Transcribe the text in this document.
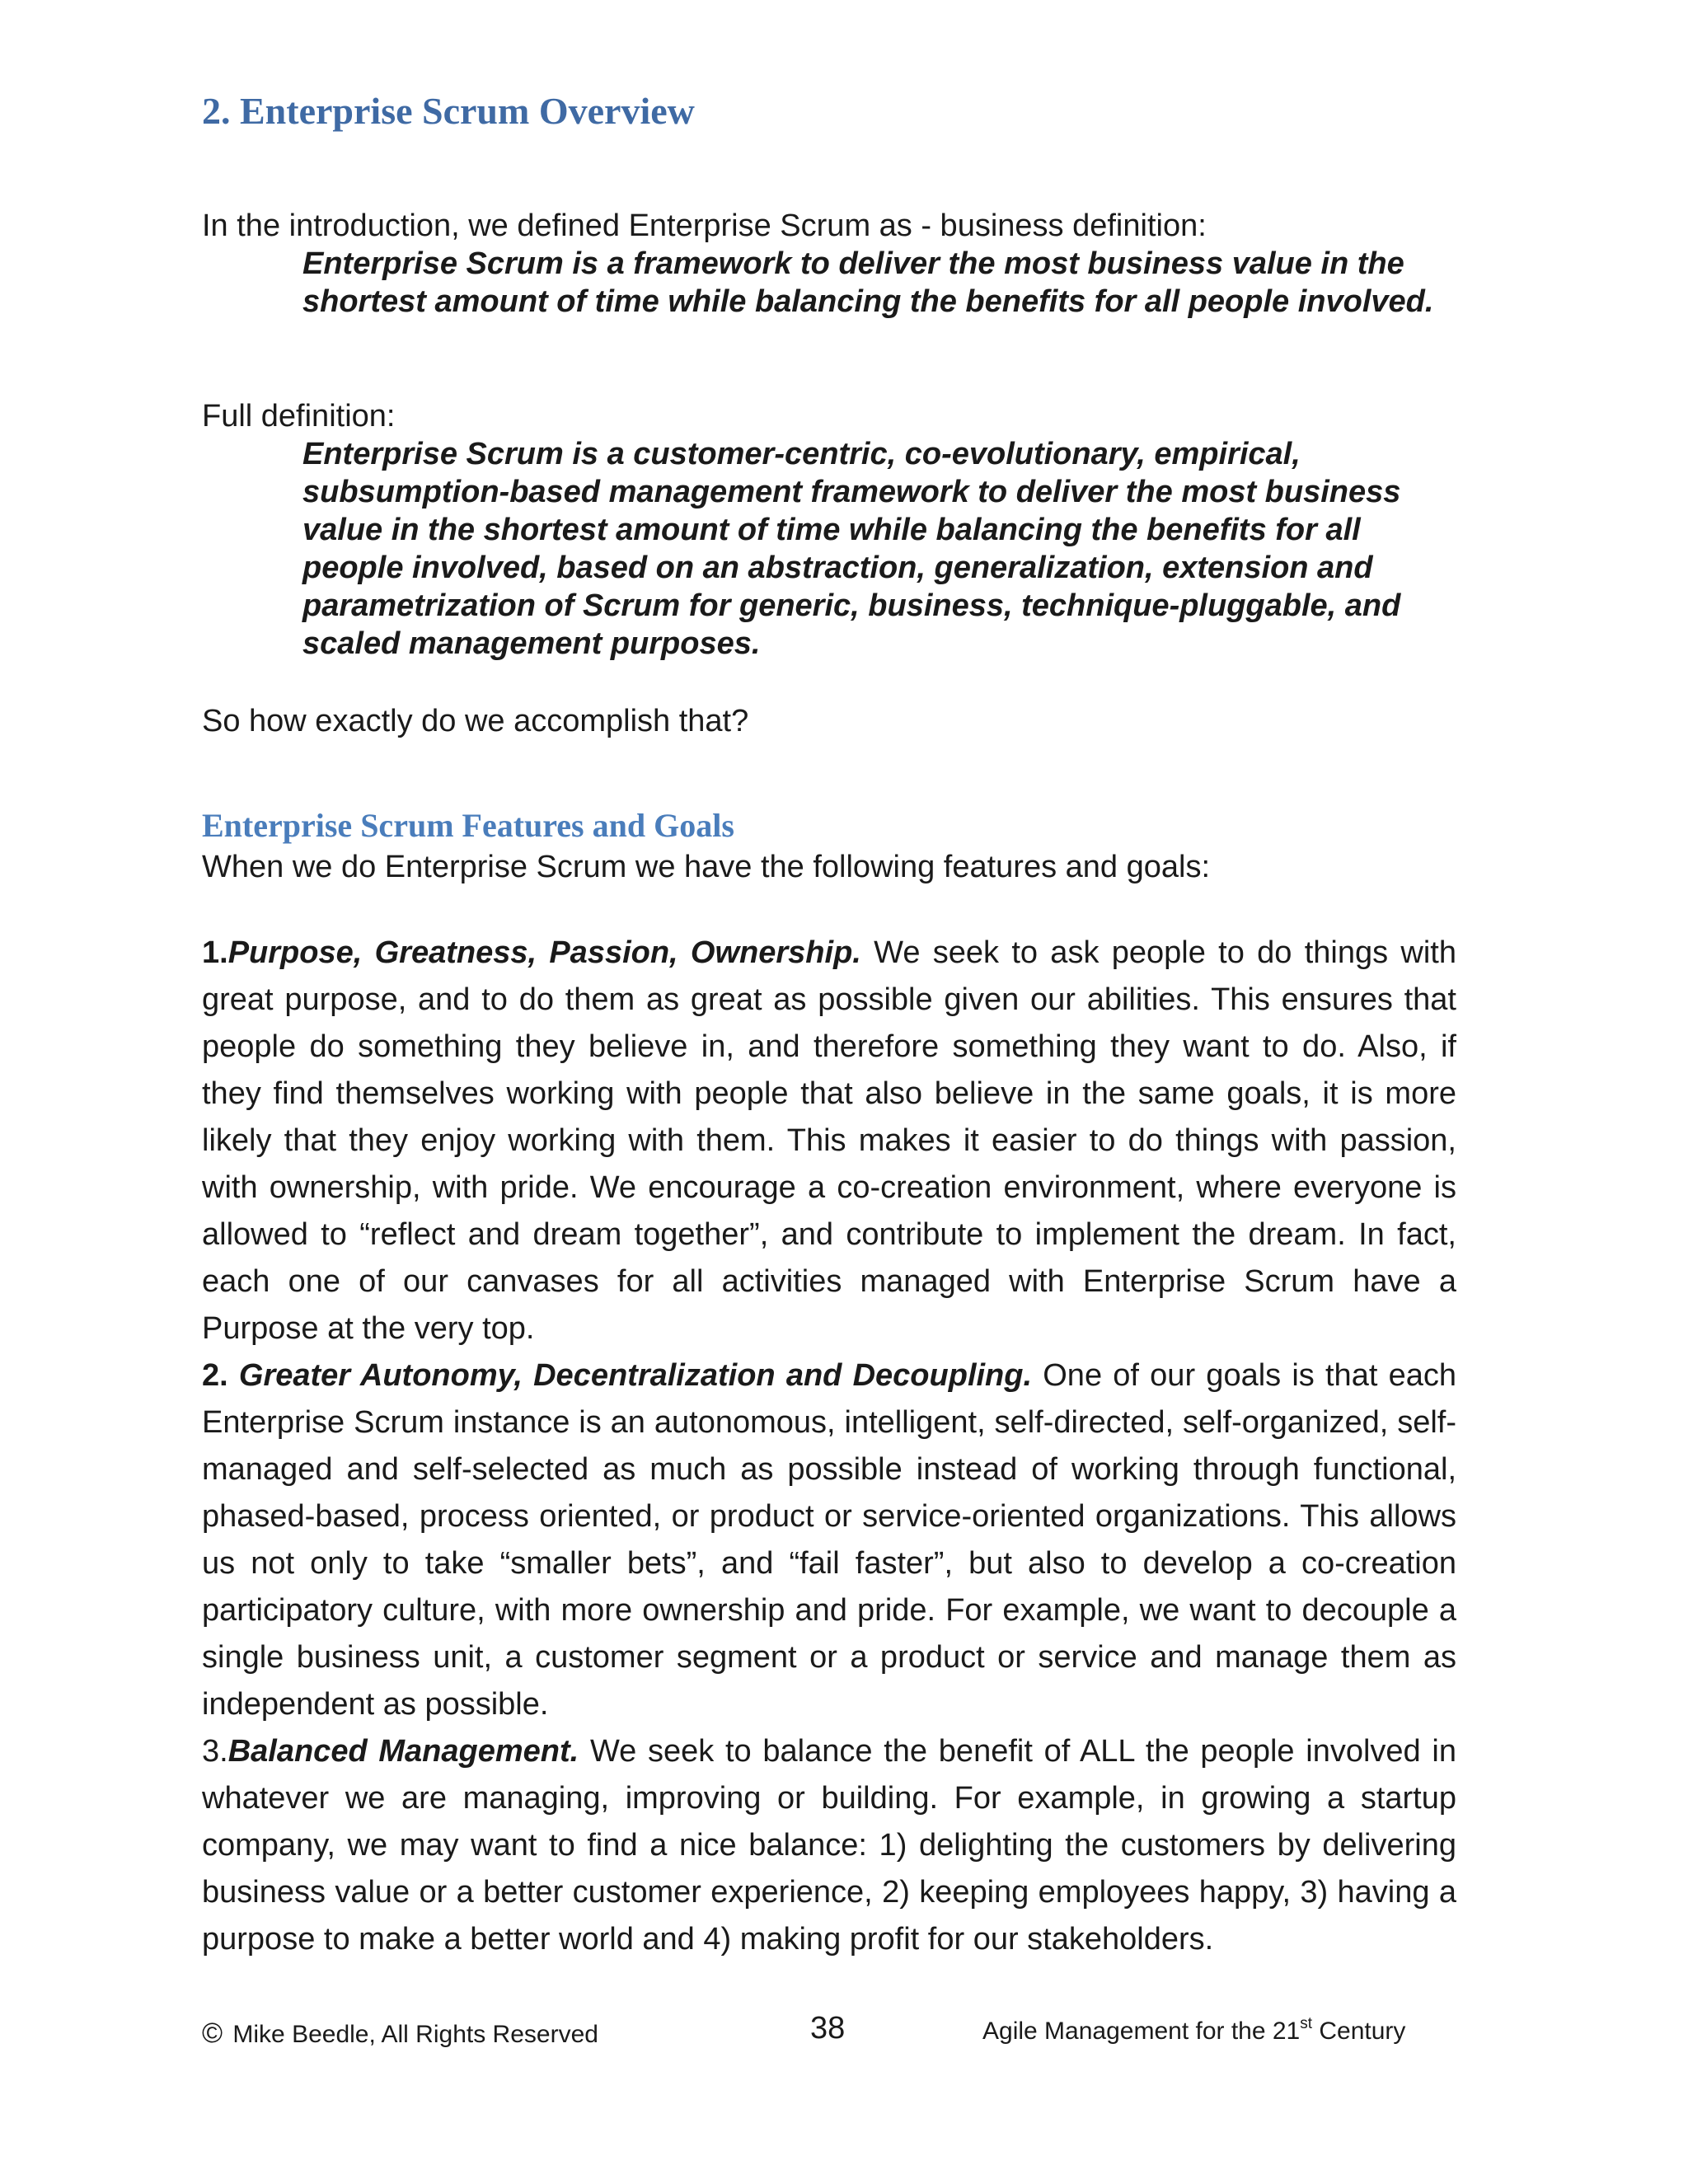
2. Enterprise Scrum Overview

In the introduction, we defined Enterprise Scrum as - business definition:

Enterprise Scrum is a framework to deliver the most business value in the shortest amount of time while balancing the benefits for all people involved.

Full definition:

Enterprise Scrum is a customer-centric, co-evolutionary, empirical, subsumption-based management framework to deliver the most business value in the shortest amount of time while balancing the benefits for all people involved, based on an abstraction, generalization, extension and parametrization of Scrum for generic, business, technique-pluggable, and scaled management purposes.

So how exactly do we accomplish that?

Enterprise Scrum Features and Goals

When we do Enterprise Scrum we have the following features and goals:

1.Purpose, Greatness, Passion, Ownership. We seek to ask people to do things with great purpose, and to do them as great as possible given our abilities. This ensures that people do something they believe in, and therefore something they want to do. Also, if they find themselves working with people that also believe in the same goals, it is more likely that they enjoy working with them. This makes it easier to do things with passion, with ownership, with pride. We encourage a co-creation environment, where everyone is allowed to “reflect and dream together”, and contribute to implement the dream. In fact, each one of our canvases for all activities managed with Enterprise Scrum have a Purpose at the very top.

2. Greater Autonomy, Decentralization and Decoupling. One of our goals is that each Enterprise Scrum instance is an autonomous, intelligent, self-directed, self-organized, self-managed and self-selected as much as possible instead of working through functional, phased-based, process oriented, or product or service-oriented organizations. This allows us not only to take “smaller bets”, and “fail faster”, but also to develop a co-creation participatory culture, with more ownership and pride. For example, we want to decouple a single business unit, a customer segment or a product or service and manage them as independent as possible.

3.Balanced Management. We seek to balance the benefit of ALL the people involved in whatever we are managing, improving or building. For example, in growing a startup company, we may want to find a nice balance: 1) delighting the customers by delivering business value or a better customer experience, 2) keeping employees happy, 3) having a purpose to make a better world and 4) making profit for our stakeholders.

© Mike Beedle, All Rights Reserved	38	Agile Management for the 21st Century
